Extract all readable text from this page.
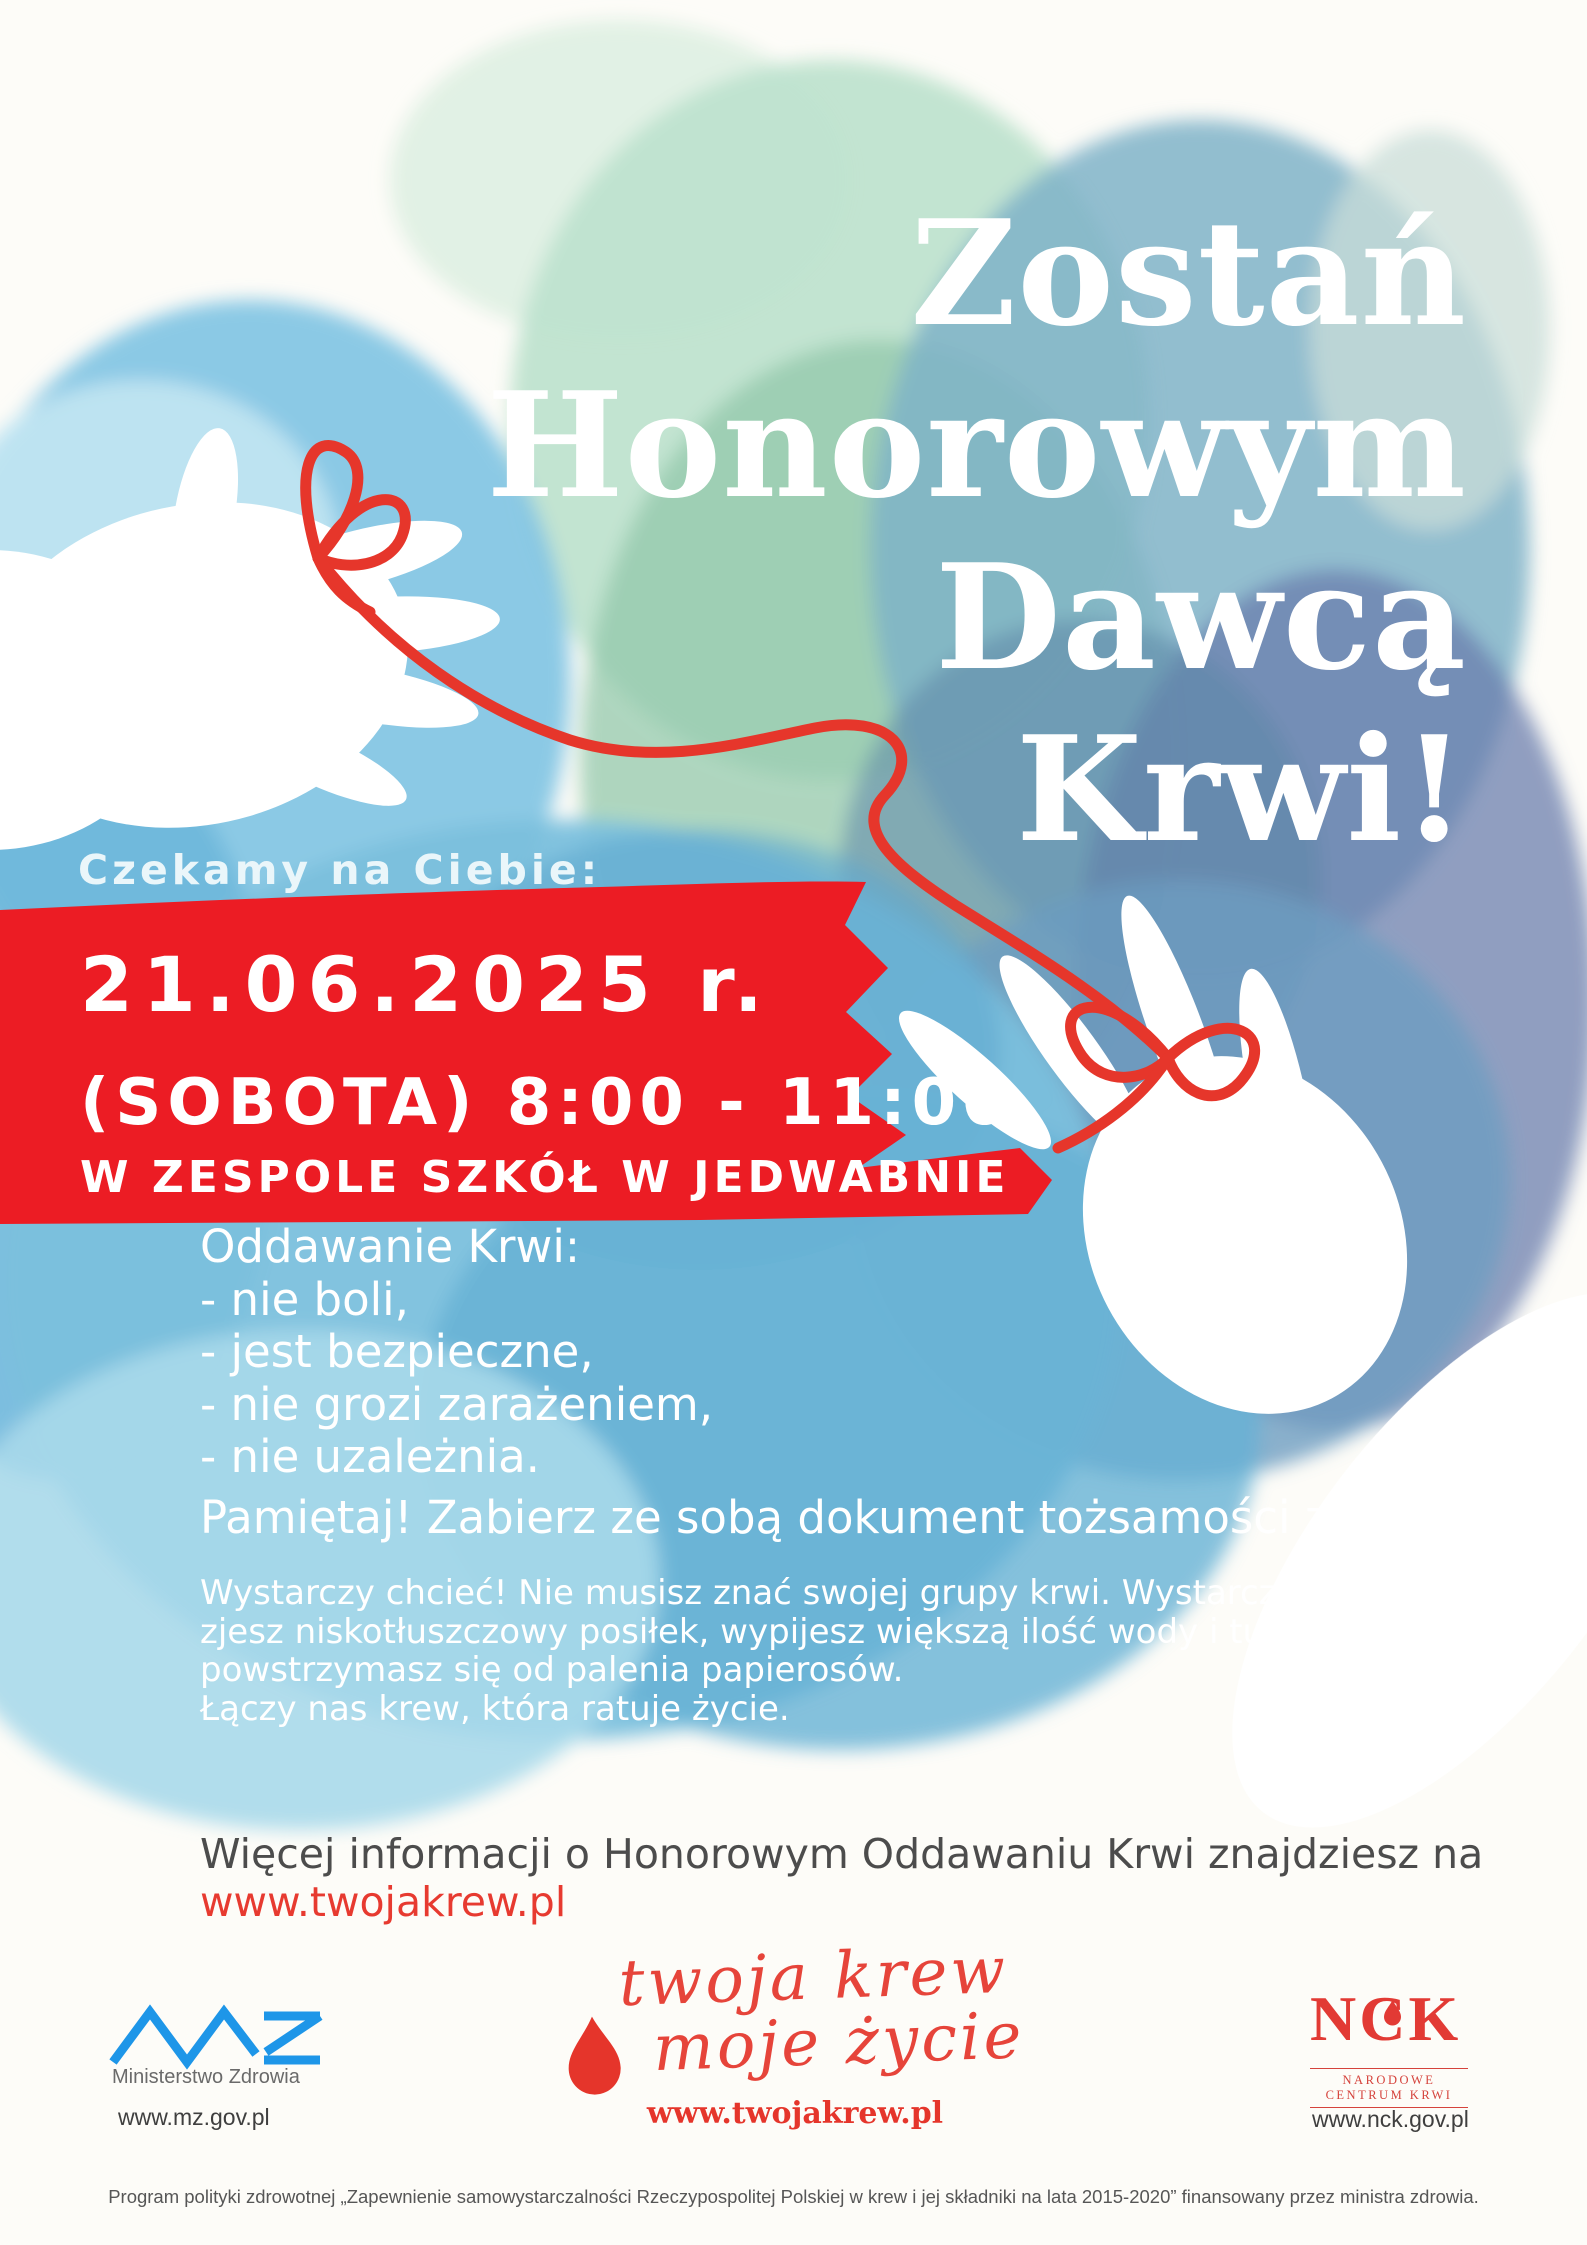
Zostań
Honorowym
Dawcą
Krwi!
Czekamy na Ciebie:
21.06.2025 r.
(SOBOTA) 8:00 - 11:00
W ZESPOLE SZKÓŁ W JEDWABNIE
Oddawanie Krwi:
- nie boli,
- jest bezpieczne,
- nie grozi zarażeniem,
- nie uzależnia.
Pamiętaj! Zabierz ze sobą dokument tożsamości ze zdjęciem.
Wystarczy chcieć! Nie musisz znać swojej grupy krwi. Wystarczy, że w tym dniu
zjesz niskotłuszczowy posiłek, wypijesz większą ilość wody i tuż przed oddaniem
powstrzymasz się od palenia papierosów.
Łączy nas krew, która ratuje życie.
Więcej informacji o Honorowym Oddawaniu Krwi znajdziesz na www.twojakrew.pl
Ministerstwo Zdrowia
www.mz.gov.pl
twoja krew
moje życie
www.twojakrew.pl
NCK
NARODOWE CENTRUM KRWI
www.nck.gov.pl
Program polityki zdrowotnej „Zapewnienie samowystarczalności Rzeczypospolitej Polskiej w krew i jej składniki na lata 2015-2020” finansowany przez ministra zdrowia.
